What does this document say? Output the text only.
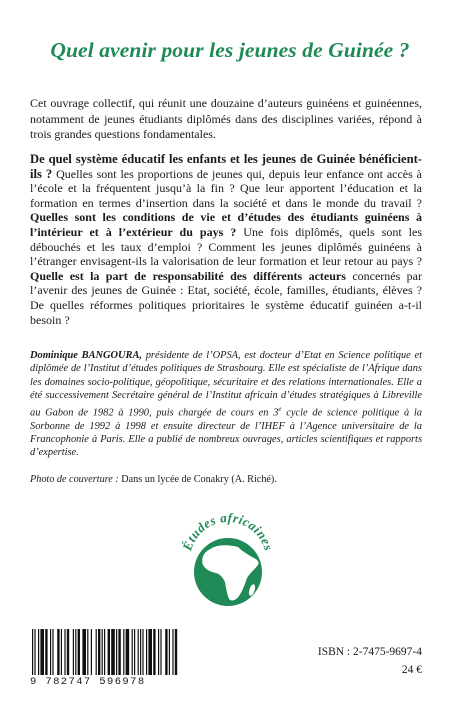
Quel avenir pour les jeunes de Guinée ?
Cet ouvrage collectif, qui réunit une douzaine d’auteurs guinéens et guinéennes, notamment de jeunes étudiants diplômés dans des disciplines variées, répond à trois grandes questions fondamentales.
De quel système éducatif les enfants et les jeunes de Guinée bénéficient-ils ? Quelles sont les proportions de jeunes qui, depuis leur enfance ont accès à l’école et la fréquentent jusqu’à la fin ? Que leur apportent l’éducation et la formation en termes d’insertion dans la société et dans le monde du travail ? Quelles sont les conditions de vie et d’études des étudiants guinéens à l’intérieur et à l’extérieur du pays ? Une fois diplômés, quels sont les débouchés et les taux d’emploi ? Comment les jeunes diplômés guinéens à l’étranger envisagent-ils la valorisation de leur formation et leur retour au pays ? Quelle est la part de responsabilité des différents acteurs concernés par l’avenir des jeunes de Guinée : Etat, société, école, familles, étudiants, élèves ? De quelles réformes politiques prioritaires le système éducatif guinéen a-t-il besoin ?
Dominique BANGOURA, présidente de l’OPSA, est docteur d’Etat en Science politique et diplômée de l’Institut d’études politiques de Strasbourg. Elle est spécialiste de l’Afrique dans les domaines socio-politique, géopolitique, sécuritaire et des relations internationales. Elle a été successivement Secrétaire général de l’Institut africain d’études stratégiques à Libreville au Gabon de 1982 à 1990, puis chargée de cours en 3e cycle de science politique à la Sorbonne de 1992 à 1998 et ensuite directeur de l’IHEF à l’Agence universitaire de la Francophonie à Paris. Elle a publié de nombreux ouvrages, articles scientifiques et rapports d’expertise.
Photo de couverture : Dans un lycée de Conakry (A. Riché).
Études africaines
9 782747 596978
ISBN : 2-7475-9697-4
24 €
